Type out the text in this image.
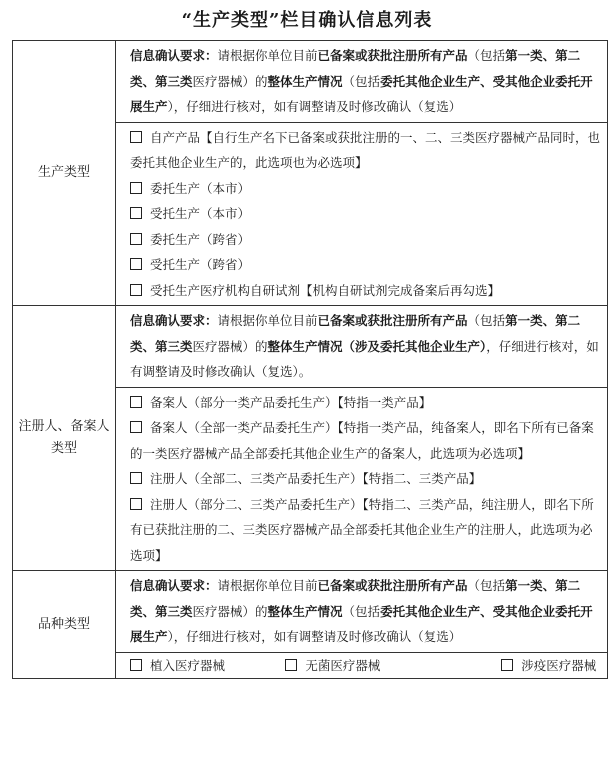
“生产类型”栏目确认信息列表
生产类型	信息确认要求：请根据你单位目前已备案或获批注册所有产品（包括第一类、第二类、第三类医疗器械）的整体生产情况（包括委托其他企业生产、受其他企业委托开展生产），仔细进行核对，如有调整请及时修改确认（复选）
自产产品【自行生产名下已备案或获批注册的一、二、三类医疗器械产品同时，也委托其他企业生产的，此选项也为必选项】
委托生产（本市）受托生产（本市）
委托生产（跨省）受托生产（跨省）
受托生产医疗机构自研试剂【机构自研试剂完成备案后再勾选】

注册人、备案人类型	信息确认要求：请根据你单位目前已备案或获批注册所有产品（包括第一类、第二类、第三类医疗器械）的整体生产情况（涉及委托其他企业生产），仔细进行核对，如有调整请及时修改确认（复选）。
备案人（部分一类产品委托生产）【特指一类产品】
备案人（全部一类产品委托生产）【特指一类产品，纯备案人，即名下所有已备案的一类医疗器械产品全部委托其他企业生产的备案人，此选项为必选项】
注册人（全部二、三类产品委托生产）【特指二、三类产品】
注册人（部分二、三类产品委托生产）【特指二、三类产品，纯注册人，即名下所有已获批注册的二、三类医疗器械产品全部委托其他企业生产的注册人，此选项为必选项】

品种类型	信息确认要求：请根据你单位目前已备案或获批注册所有产品（包括第一类、第二类、第三类医疗器械）的整体生产情况（包括委托其他企业生产、受其他企业委托开展生产），仔细进行核对，如有调整请及时修改确认（复选）
植入医疗器械 无菌医疗器械 涉疫医疗器械
